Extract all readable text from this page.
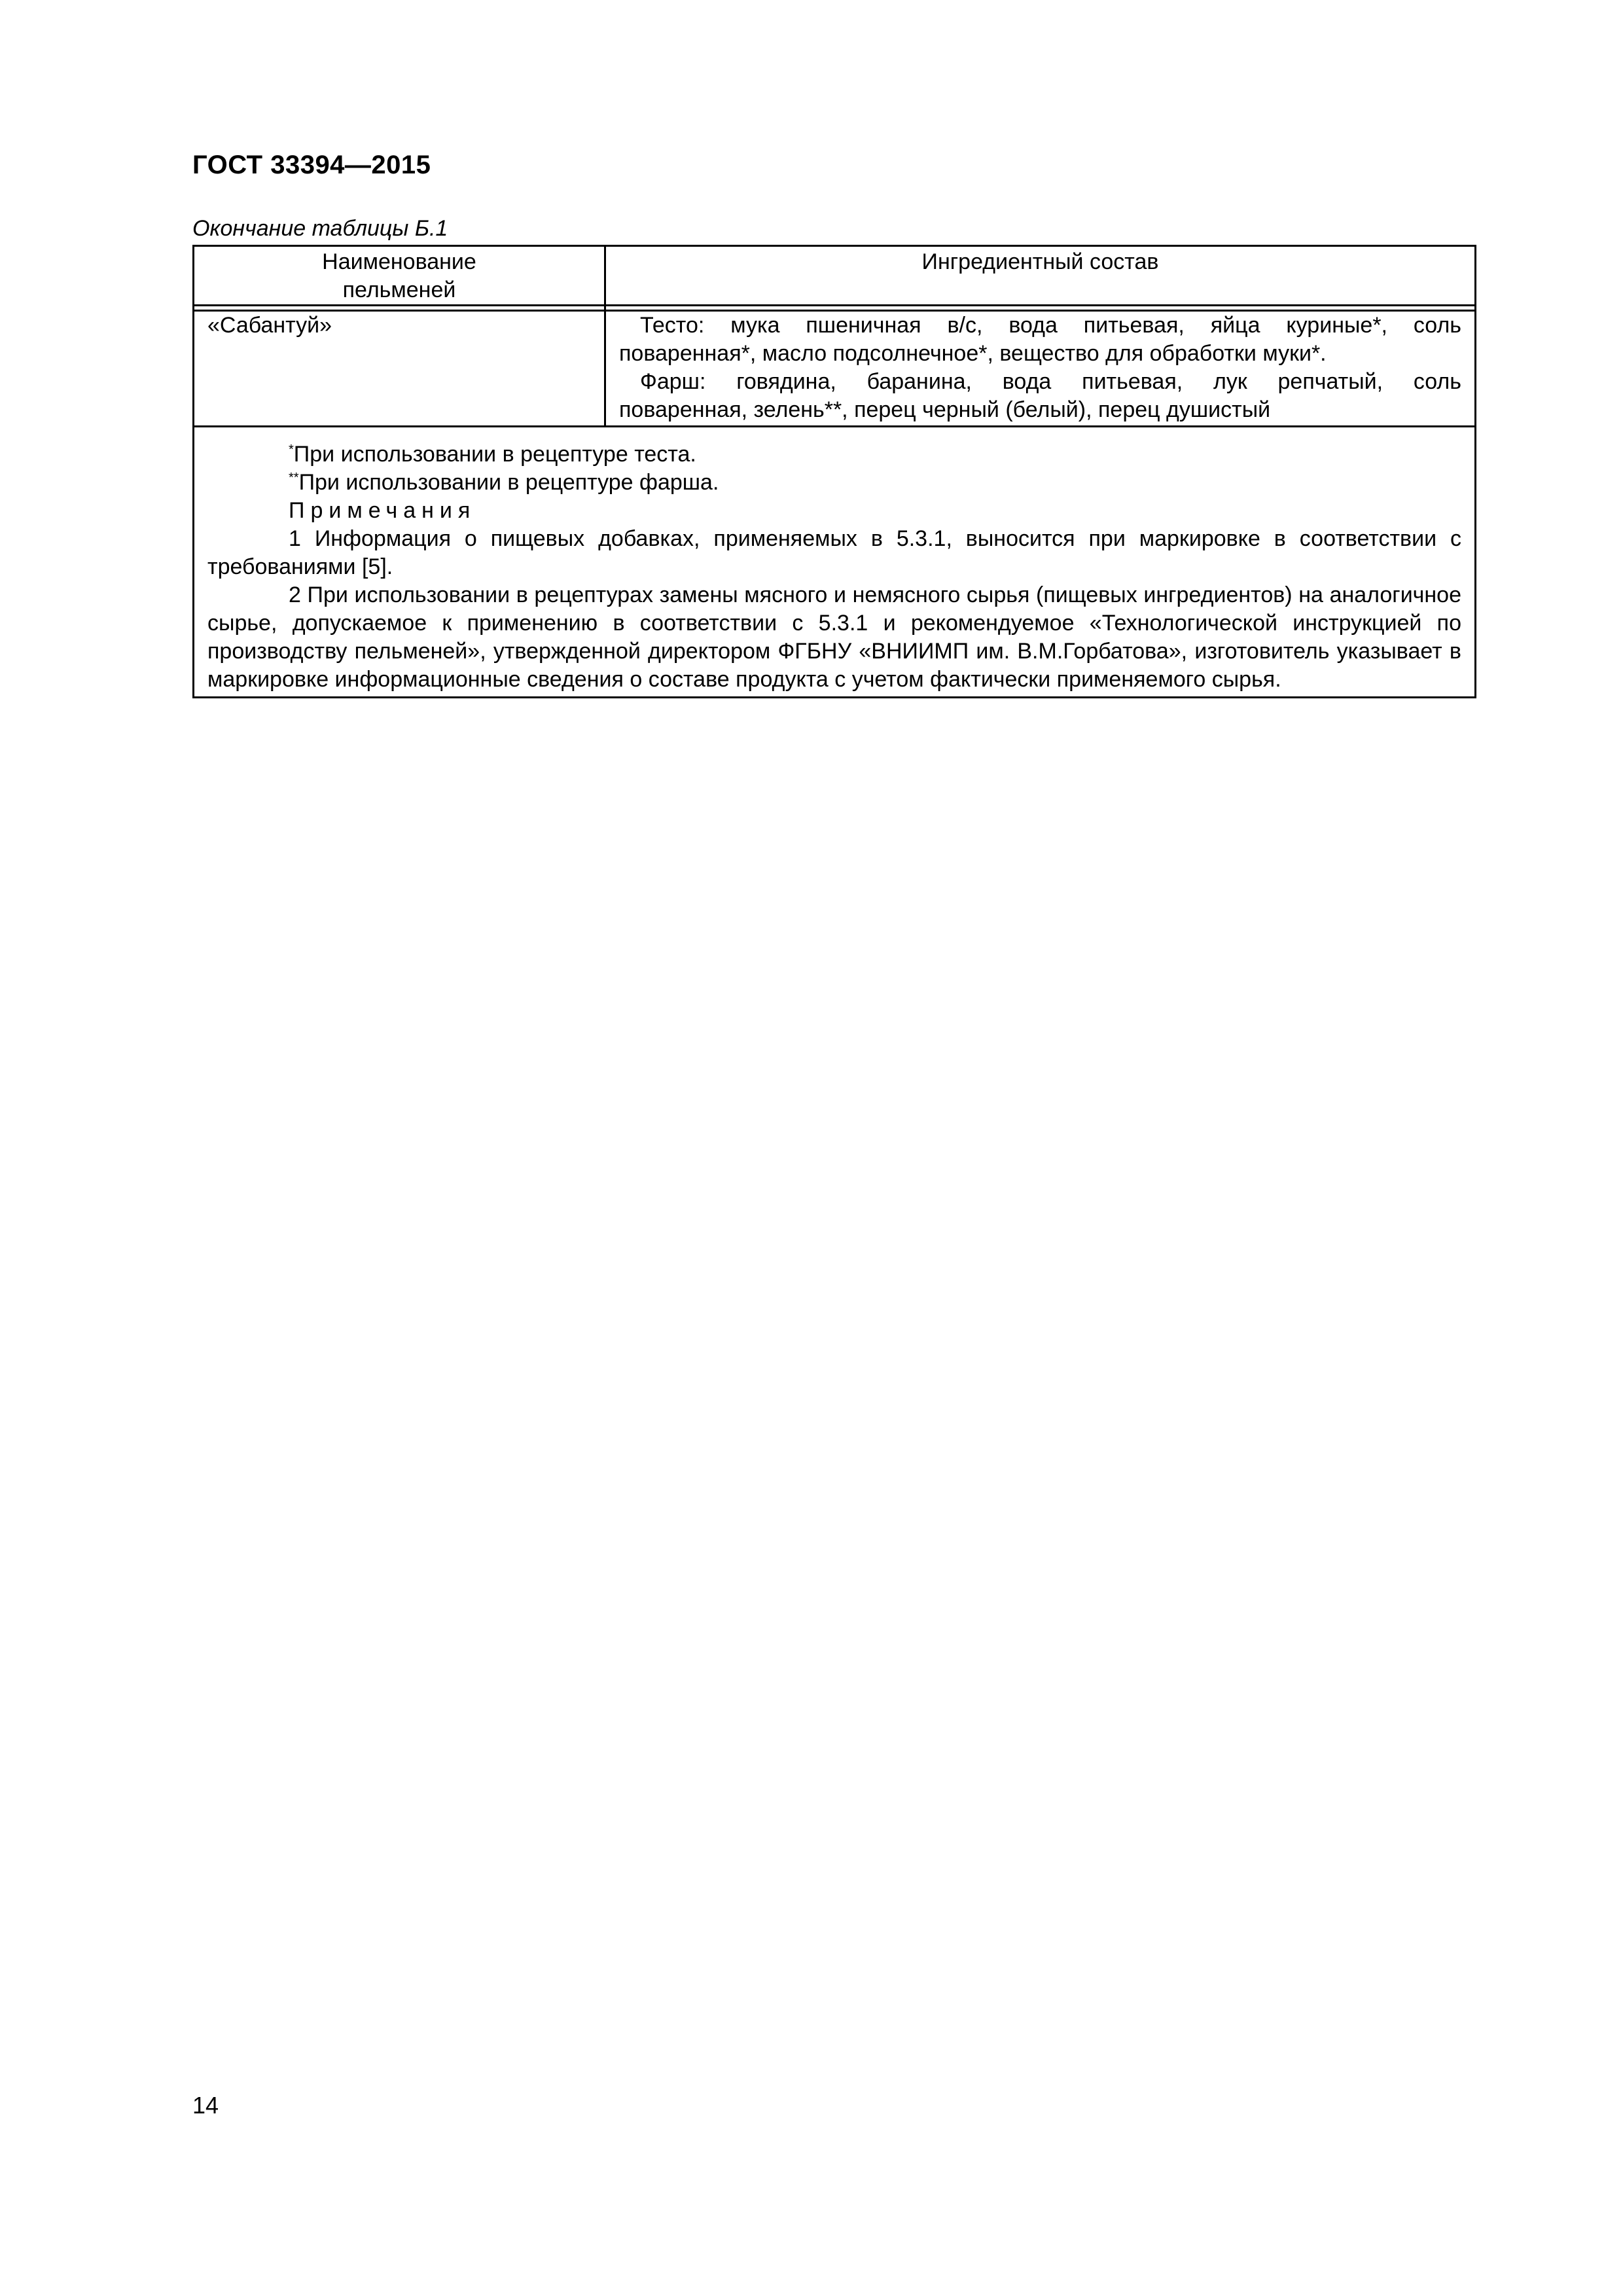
ГОСТ 33394—2015
Окончание таблицы Б.1
Наименование
пельменей	Ингредиентный состав

«Сабантуй»	Тесто: мука пшеничная в/с, вода питьевая, яйца куриные*, соль
поваренная*, масло подсолнечное*, вещество для обработки муки*.
Фарш: говядина, баранина, вода питьевая, лук репчатый, соль
поваренная, зелень**, перец черный (белый), перец душистый

*При использовании в рецептуре теста.
**При использовании в рецептуре фарша.
Примечания
1 Информация о пищевых добавках, применяемых в 5.3.1, выносится при маркировке в соответствии с требованиями [5].
2 При использовании в рецептурах замены мясного и немясного сырья (пищевых ингредиентов) на аналогичное сырье, допускаемое к применению в соответствии с 5.3.1 и рекомендуемое «Технологической инструкцией по производству пельменей», утвержденной директором ФГБНУ «ВНИИМП им. В.М.Горбатова», изготовитель указывает в маркировке информационные сведения о составе продукта с учетом фактически применяемого сырья.	
14
